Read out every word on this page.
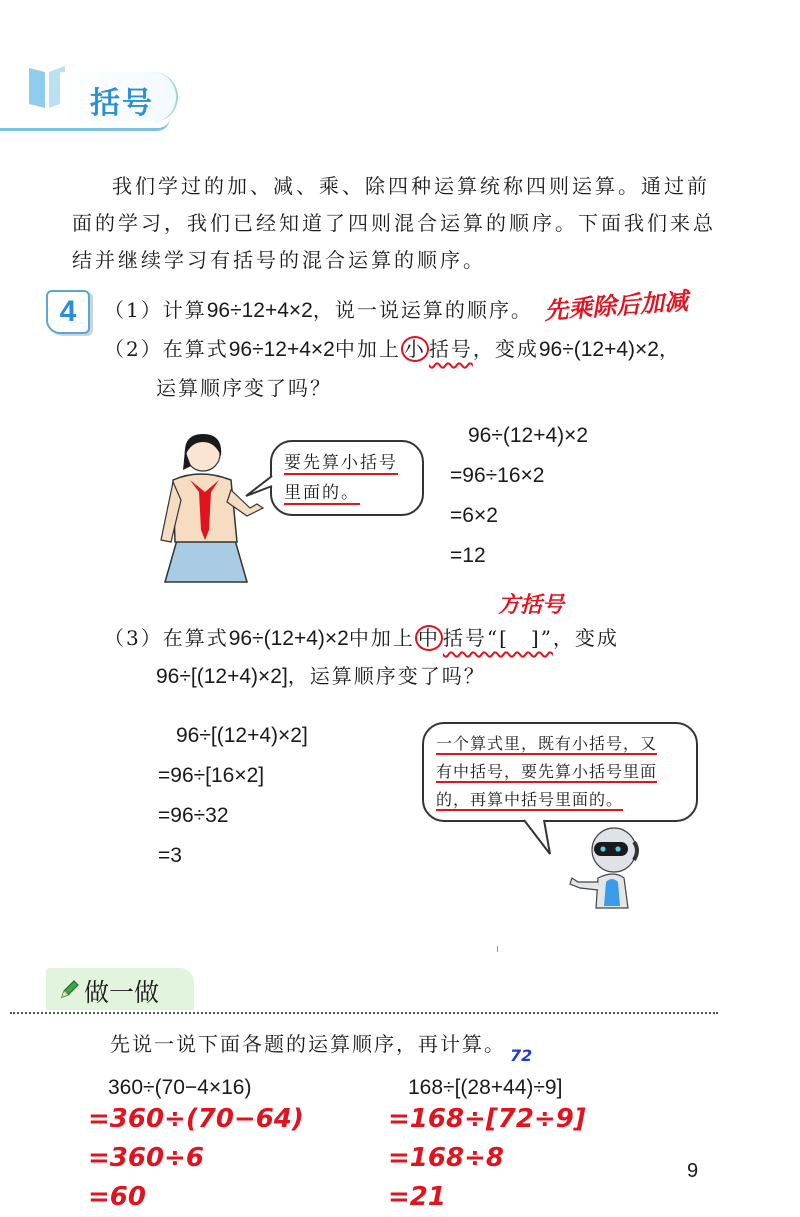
括号

我们学过的加、减、乘、除四种运算统称四则运算。通过前

面的学习，我们已经知道了四则混合运算的顺序。下面我们来总

结并继续学习有括号的混合运算的顺序。

4	（1）计算96÷12+4×2，说一说运算的顺序。 先乘除后加减
（2）在算式96÷12+4×2中加上 小 括号，变成96÷(12+4)×2，
运算顺序变了吗？
要先算小括号
里面的。
96÷(12+4)×2
=96÷16×2
=6×2
=12
方括号
（3）在算式96÷(12+4)×2中加上 中 括号“[　]”，变成
96÷[(12+4)×2]，运算顺序变了吗？
96÷[(12+4)×2]
=96÷[16×2]
=96÷32
=3
一个算式里，既有小括号，又
有中括号，要先算小括号里面
的，再算中括号里面的。
做一做
先说一说下面各题的运算顺序，再计算。
360÷(70−4×16)
=360÷(70−64)
=360÷6
=60
72
168÷[(28+44)÷9]
=168÷[72÷9]
=168÷8
=21
9
